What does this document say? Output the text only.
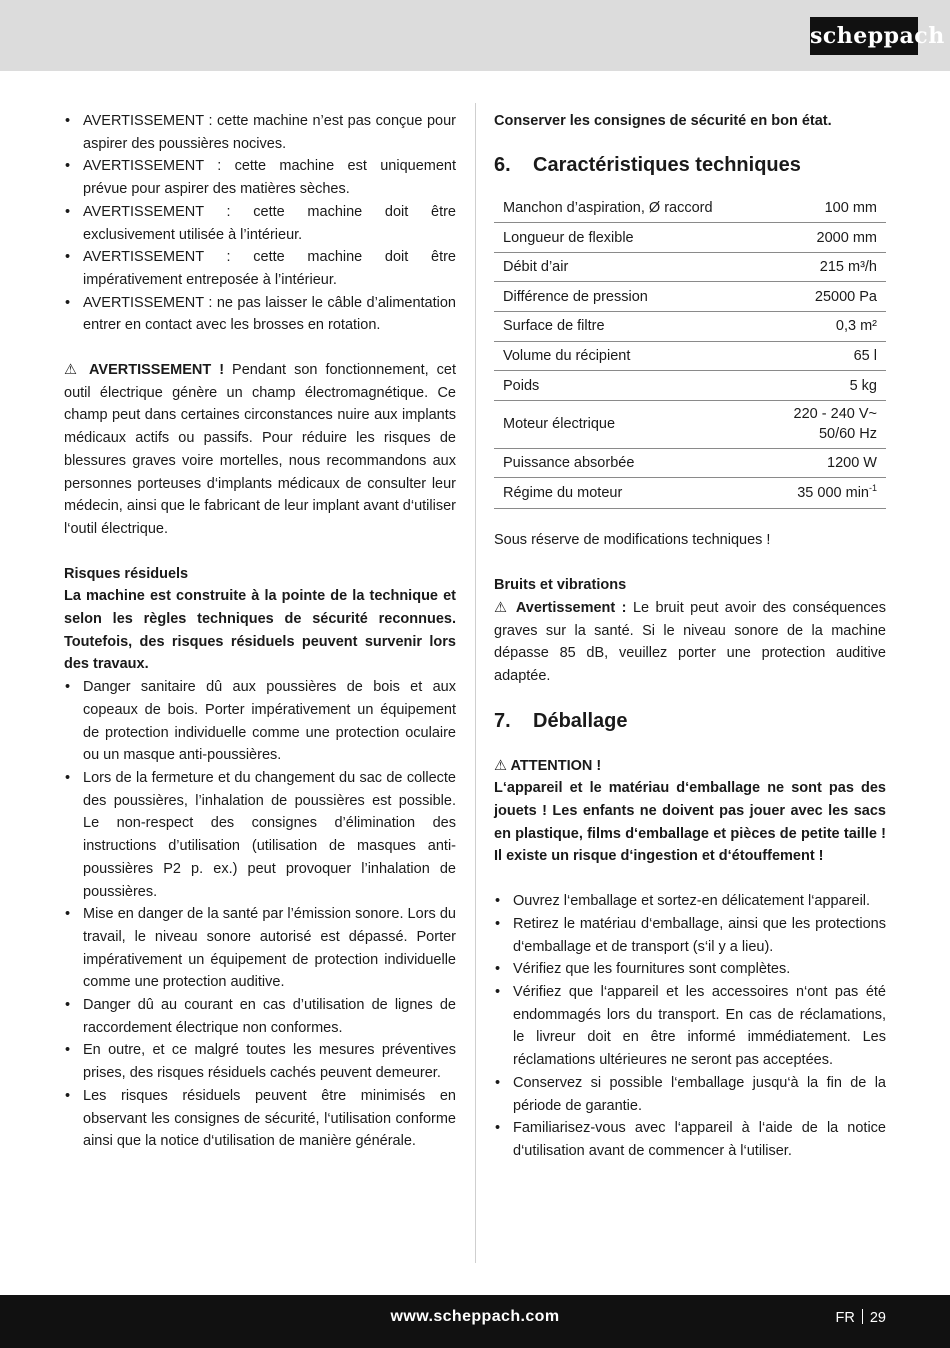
scheppach
• AVERTISSEMENT : cette machine n’est pas conçue pour aspirer des poussières nocives.
• AVERTISSEMENT : cette machine est uniquement prévue pour aspirer des matières sèches.
• AVERTISSEMENT : cette machine doit être exclusivement utilisée à l’intérieur.
• AVERTISSEMENT : cette machine doit être impérativement entreposée à l’intérieur.
• AVERTISSEMENT : ne pas laisser le câble d’alimentation entrer en contact avec les brosses en rotation.

⚠ AVERTISSEMENT ! Pendant son fonctionnement, cet outil électrique génère un champ électromagnétique. Ce champ peut dans certaines circonstances nuire aux implants médicaux actifs ou passifs. Pour réduire les risques de blessures graves voire mortelles, nous recommandons aux personnes porteuses d‘implants médicaux de consulter leur médecin, ainsi que le fabricant de leur implant avant d‘utiliser l‘outil électrique.

Risques résiduels

La machine est construite à la pointe de la technique et selon les règles techniques de sécurité reconnues. Toutefois, des risques résiduels peuvent survenir lors des travaux.

• Danger sanitaire dû aux poussières de bois et aux copeaux de bois. Porter impérativement un équipement de protection individuelle comme une protection oculaire ou un masque anti-poussières.
• Lors de la fermeture et du changement du sac de collecte des poussières, l’inhalation de poussières est possible. Le non-respect des consignes d’élimination des instructions d’utilisation (utilisation de masques anti-poussières P2 p. ex.) peut provoquer l’inhalation de poussières.
• Mise en danger de la santé par l’émission sonore. Lors du travail, le niveau sonore autorisé est dépassé. Porter impérativement un équipement de protection individuelle comme une protection auditive.
• Danger dû au courant en cas d’utilisation de lignes de raccordement électrique non conformes.
• En outre, et ce malgré toutes les mesures préventives prises, des risques résiduels cachés peuvent demeurer.
• Les risques résiduels peuvent être minimisés en observant les consignes de sécurité, l‘utilisation conforme ainsi que la notice d‘utilisation de manière générale.

Conserver les consignes de sécurité en bon état.

6.	Caractéristiques techniques
Manchon d’aspiration, Ø raccord	100 mm
Longueur de flexible	2000 mm
Débit d’air	215 m³/h
Différence de pression	25000 Pa
Surface de filtre	0,3 m²
Volume du récipient	65 l
Poids	5 kg
Moteur électrique	220 - 240 V~
50/60 Hz
Puissance absorbée	1200 W
Régime du moteur	35 000 $\min^{-1}$

Sous réserve de modifications techniques !

Bruits et vibrations

⚠ Avertissement : Le bruit peut avoir des conséquences graves sur la santé. Si le niveau sonore de la machine dépasse 85 dB, veuillez porter une protection auditive adaptée.

7.	Déballage

⚠ ATTENTION !

L‘appareil et le matériau d‘emballage ne sont pas des jouets ! Les enfants ne doivent pas jouer avec les sacs en plastique, films d‘emballage et pièces de petite taille ! Il existe un risque d‘ingestion et d‘étouffement !

• Ouvrez l‘emballage et sortez-en délicatement l‘appareil.
• Retirez le matériau d‘emballage, ainsi que les protections d‘emballage et de transport (s‘il y a lieu).
• Vérifiez que les fournitures sont complètes.
• Vérifiez que l‘appareil et les accessoires n‘ont pas été endommagés lors du transport. En cas de réclamations, le livreur doit en être informé immédiatement. Les réclamations ultérieures ne seront pas acceptées.
• Conservez si possible l‘emballage jusqu‘à la fin de la période de garantie.
• Familiarisez-vous avec l‘appareil à l‘aide de la notice d‘utilisation avant de commencer à l‘utiliser.
www.scheppach.com	FR 29
